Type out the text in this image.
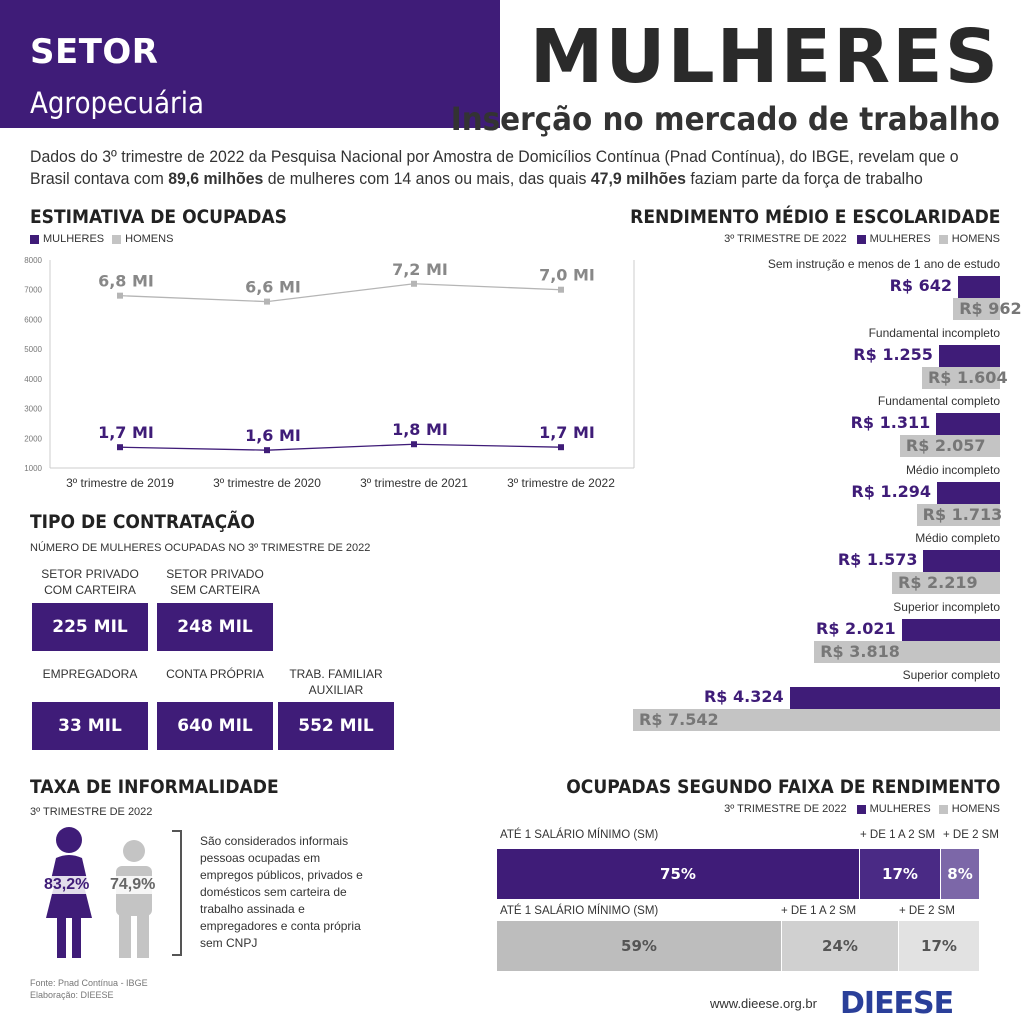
SETOR
Agropecuária
MULHERES
Inserção no mercado de trabalho
Dados do 3º trimestre de 2022 da Pesquisa Nacional por Amostra de Domicílios Contínua (Pnad Contínua), do IBGE, revelam que o Brasil contava com 89,6 milhões de mulheres com 14 anos ou mais, das quais 47,9 milhões faziam parte da força de trabalho
ESTIMATIVA DE OCUPADAS
MULHERES HOMENS
1000
2000
3000
4000
5000
6000
7000
8000
3º trimestre de 2019	3º trimestre de 2020	3º trimestre de 2021	3º trimestre de 2022
1,7 MI	1,6 MI	1,8 MI	1,7 MI
6,8 MI	6,6 MI
7,2 MI	7,0 MI
TIPO DE CONTRATAÇÃO
NÚMERO DE MULHERES OCUPADAS NO 3º TRIMESTRE DE 2022
SETOR PRIVADO COM CARTEIRA
225 MIL
SETOR PRIVADO SEM CARTEIRA
248 MIL
EMPREGADORA
33 MIL
CONTA PRÓPRIA
640 MIL
TRAB. FAMILIAR AUXILIAR
552 MIL
RENDIMENTO MÉDIO E ESCOLARIDADE
3º TRIMESTRE DE 2022 MULHERES HOMENS
Sem instrução e menos de 1 ano de estudo
R$ 642
R$ 962
Fundamental incompleto
R$ 1.255
R$ 1.604
Fundamental completo
R$ 1.311
R$ 2.057
Médio incompleto
R$ 1.294
R$ 1.713
Médio completo
R$ 1.573
R$ 2.219
Superior incompleto
R$ 2.021
R$ 3.818
Superior completo
R$ 4.324
R$ 7.542
TAXA DE INFORMALIDADE
3º TRIMESTRE DE 2022
83,2% 74,9%
São considerados informais pessoas ocupadas em empregos públicos, privados e domésticos sem carteira de trabalho assinada e empregadores e conta própria sem CNPJ
OCUPADAS SEGUNDO FAIXA DE RENDIMENTO
3º TRIMESTRE DE 2022 MULHERES HOMENS
ATÉ 1 SALÁRIO MÍNIMO (SM)	+ DE 1 A 2 SM + DE 2 SM
75%	17%	8%
ATÉ 1 SALÁRIO MÍNIMO (SM)	+ DE 1 A 2 SM	+ DE 2 SM
59%	24%	17%
Fonte: Pnad Contínua - IBGE
Elaboração: DIEESE
www.dieese.org.br DIEESE
